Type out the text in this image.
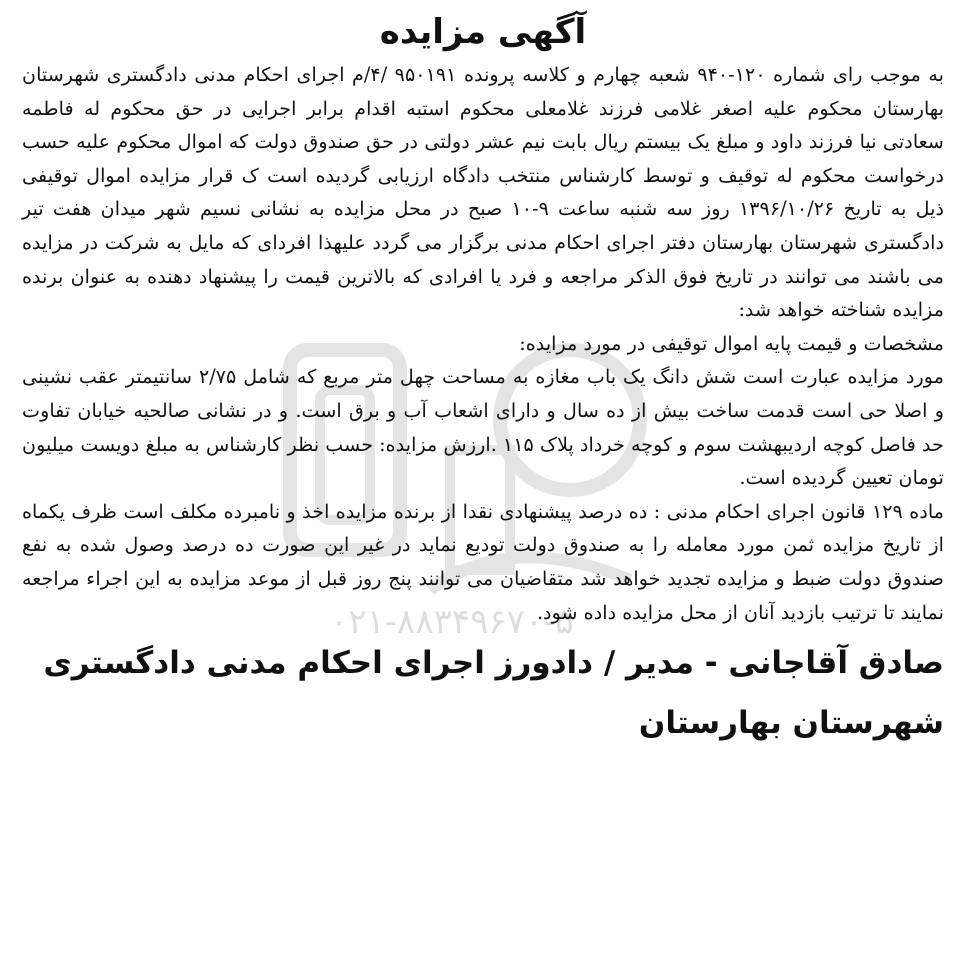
۰۲۱-۸۸۳۴۹۶۷۰-۵
آگهی مزایده

به موجب رای شماره ۱۲۰-۹۴۰ شعبه چهارم و کلاسه پرونده ۹۵۰۱۹۱ /۴/م اجرای احکام مدنی دادگستری شهرستان بهارستان محکوم علیه اصغر غلامی فرزند غلامعلی محکوم استبه اقدام برابر اجرایی در حق محکوم له فاطمه سعادتی نیا فرزند داود و مبلغ یک بیستم ریال بابت نیم عشر دولتی در حق صندوق دولت که اموال محکوم علیه حسب درخواست محکوم له توقیف و توسط کارشناس منتخب دادگاه ارزیابی گردیده است ک قرار مزایده اموال توقیفی ذیل به تاریخ ۱۳۹۶/۱۰/۲۶ روز سه شنبه ساعت ۹-۱۰ صبح در محل مزایده به نشانی نسیم شهر میدان هفت تیر دادگستری شهرستان بهارستان دفتر اجرای احکام مدنی برگزار می گردد علیهذا افردای که مایل به شرکت در مزایده می باشند می توانند در تاریخ فوق الذکر مراجعه و فرد یا افرادی که بالاترین قیمت را پیشنهاد دهنده به عنوان برنده مزایده شناخته خواهد شد:

مشخصات و قیمت پایه اموال توقیفی در مورد مزایده:

مورد مزایده عبارت است شش دانگ یک باب مغازه به مساحت چهل متر مربع که شامل ۲/۷۵ سانتیمتر عقب نشینی و اصلا حی است قدمت ساخت بیش از ده سال و دارای اشعاب آب و برق است. و در نشانی صالحیه خیابان تفاوت حد فاصل کوچه اردیبهشت سوم و کوچه خرداد پلاک ۱۱۵ .ارزش مزایده: حسب نظر کارشناس به مبلغ دویست میلیون تومان تعیین گردیده است.

ماده ۱۲۹ قانون اجرای احکام مدنی : ده درصد پیشنهادی نقدا از برنده مزایده اخذ و نامبرده مکلف است ظرف یکماه از تاریخ مزایده ثمن مورد معامله را به صندوق دولت تودیع نماید در غیر این صورت ده درصد وصول شده به نفع صندوق دولت ضبط و مزایده تجدید خواهد شد متقاضیان می توانند پنج روز قبل از موعد مزایده به این اجراء مراجعه نمایند تا ترتیب بازدید آنان از محل مزایده داده شود.

صادق آقاجانی - مدیر / دادورز اجرای احکام مدنی دادگستری
شهرستان بهارستان
